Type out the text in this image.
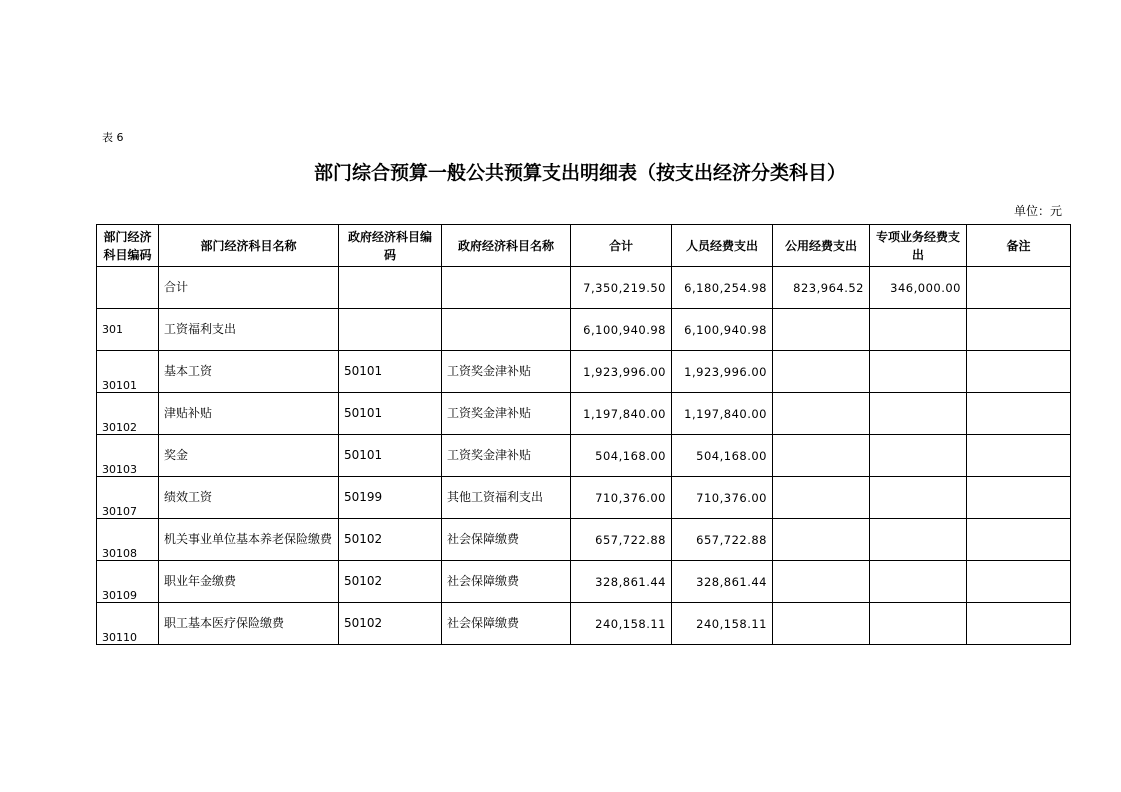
表 6
部门综合预算一般公共预算支出明细表（按支出经济分类科目）
单位：元
部门经济科目编码	部门经济科目名称	政府经济科目编码	政府经济科目名称	合计	人员经费支出	公用经费支出	专项业务经费支出	备注
	合计			7,350,219.50	6,180,254.98	823,964.52	346,000.00	
301	工资福利支出			6,100,940.98	6,100,940.98			
30101	基本工资	50101	工资奖金津补贴	1,923,996.00	1,923,996.00			
30102	津贴补贴	50101	工资奖金津补贴	1,197,840.00	1,197,840.00			
30103	奖金	50101	工资奖金津补贴	504,168.00	504,168.00			
30107	绩效工资	50199	其他工资福利支出	710,376.00	710,376.00			
30108	机关事业单位基本养老保险缴费	50102	社会保障缴费	657,722.88	657,722.88			
30109	职业年金缴费	50102	社会保障缴费	328,861.44	328,861.44			
30110	职工基本医疗保险缴费	50102	社会保障缴费	240,158.11	240,158.11			
